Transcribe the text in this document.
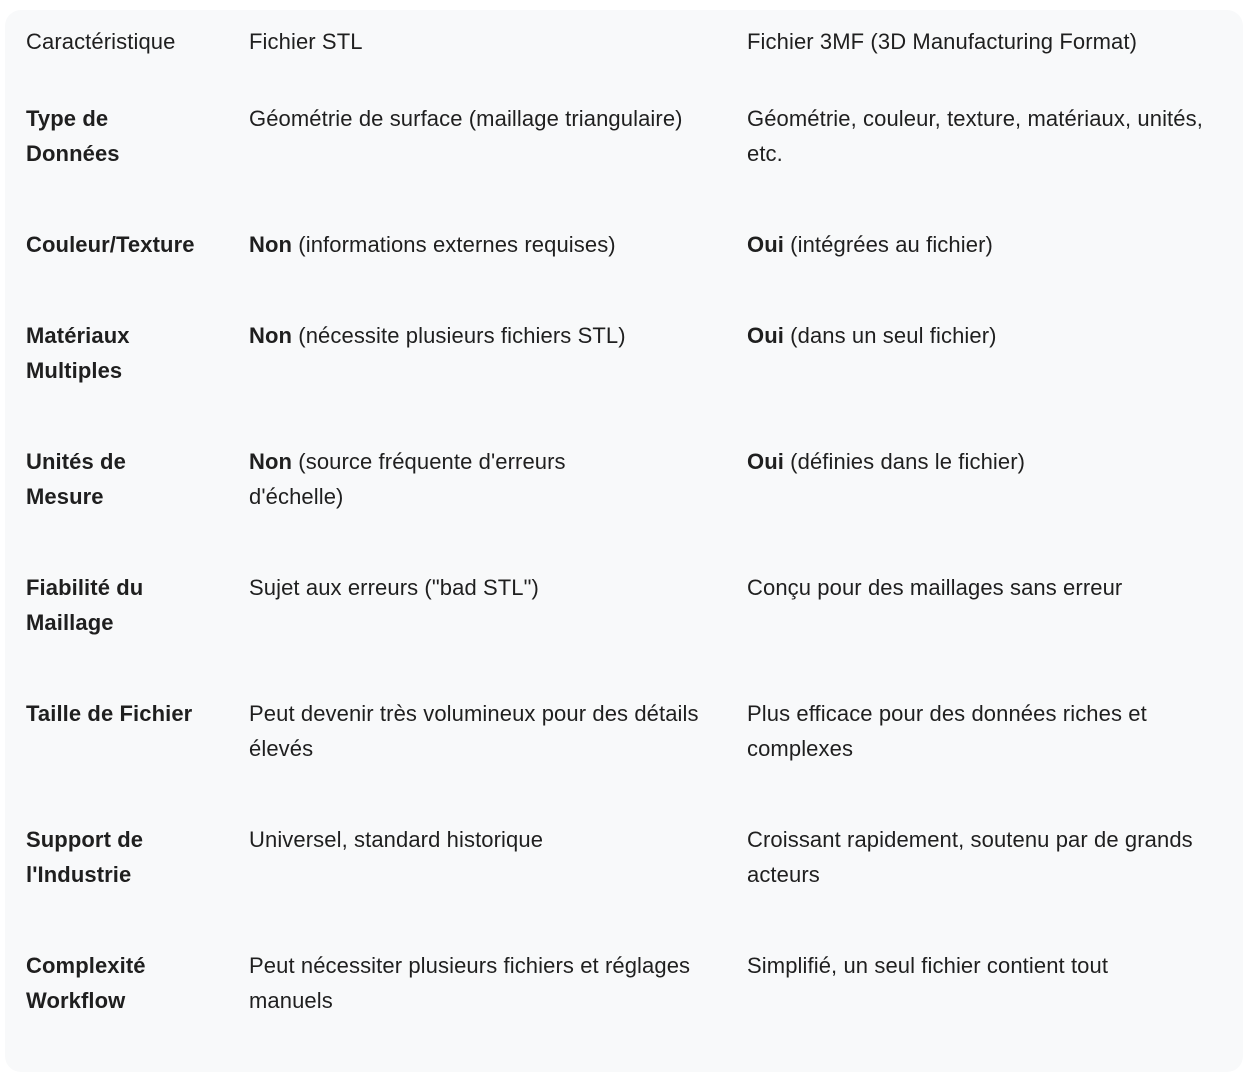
Caractéristique	Fichier STL	Fichier 3MF (3D Manufacturing Format)

Type de Données	Géométrie de surface (maillage triangulaire)	Géométrie, couleur, texture, matériaux, unités, etc.

Couleur/Texture	Non (informations externes requises)	Oui (intégrées au fichier)

Matériaux Multiples	Non (nécessite plusieurs fichiers STL)	Oui (dans un seul fichier)

Unités de Mesure	Non (source fréquente d'erreurs d'échelle)	Oui (définies dans le fichier)

Fiabilité du Maillage	Sujet aux erreurs ("bad STL")	Conçu pour des maillages sans erreur

Taille de Fichier	Peut devenir très volumineux pour des détails élevés	Plus efficace pour des données riches et complexes

Support de l'Industrie	Universel, standard historique	Croissant rapidement, soutenu par de grands acteurs

Complexité Workflow	Peut nécessiter plusieurs fichiers et réglages manuels	Simplifié, un seul fichier contient tout
